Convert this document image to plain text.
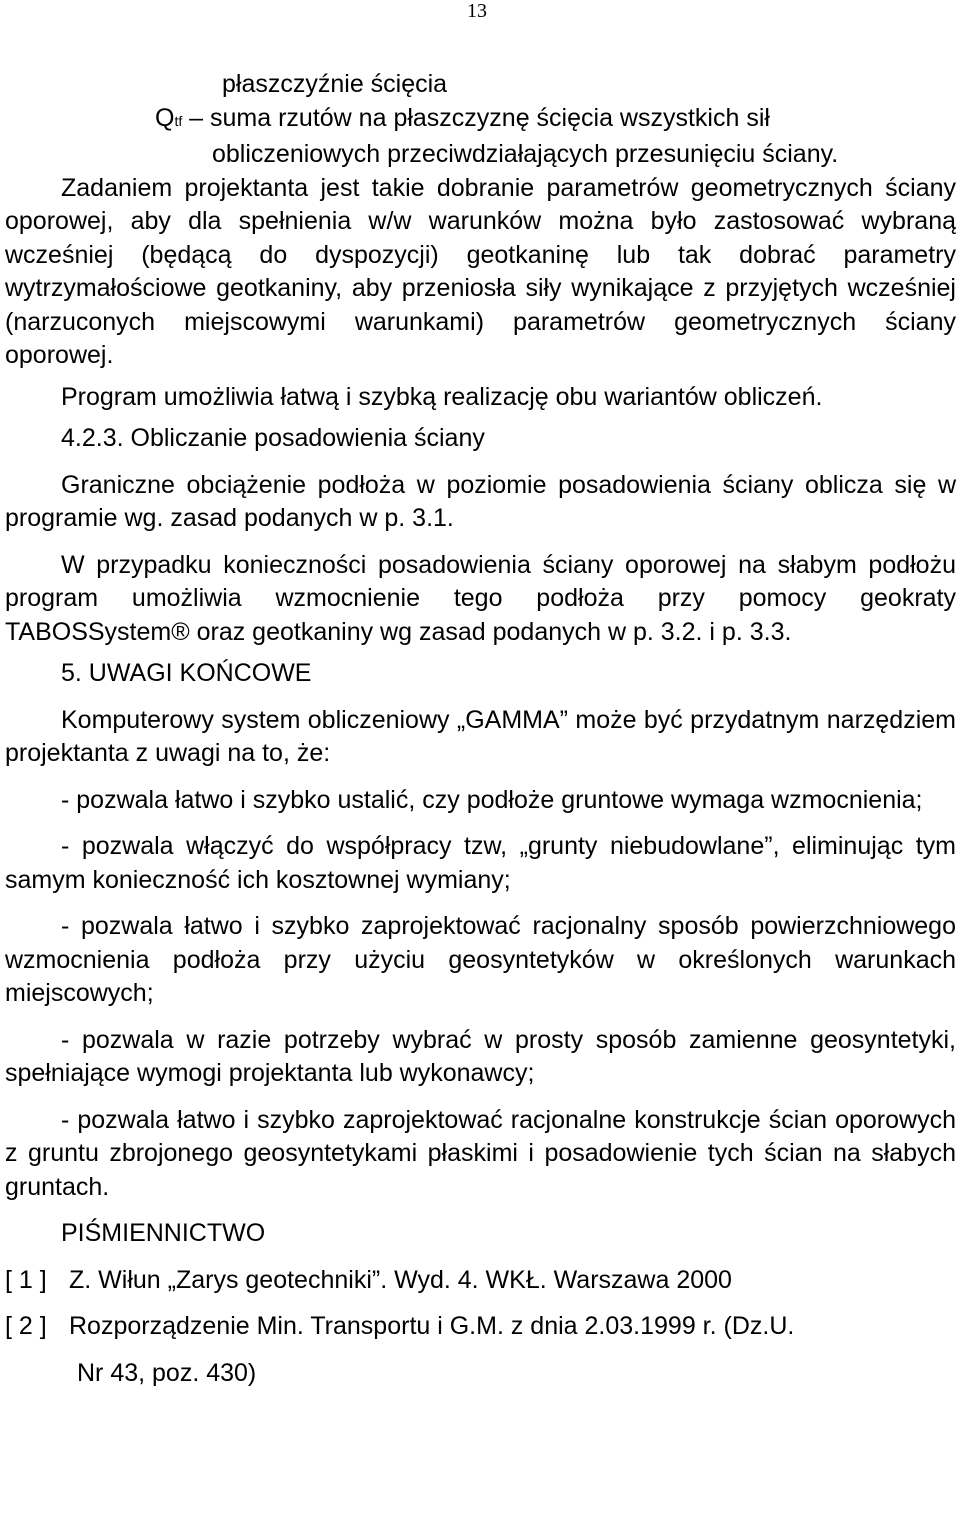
13

płaszczyźnie ścięcia

Qtf – suma rzutów na płaszczyznę ścięcia wszystkich sił

obliczeniowych przeciwdziałających przesunięciu ściany.

Zadaniem projektanta jest takie dobranie parametrów geometrycznych ściany oporowej, aby dla spełnienia w/w warunków można było zastosować wybraną wcześniej (będącą do dyspozycji) geotkaninę lub tak dobrać parametry wytrzymałościowe geotkaniny, aby przeniosła siły wynikające z przyjętych wcześniej (narzuconych miejscowymi warunkami) parametrów geometrycznych ściany oporowej.

Program umożliwia łatwą i szybką realizację obu wariantów obliczeń.

4.2.3. Obliczanie posadowienia ściany

Graniczne obciążenie podłoża w poziomie posadowienia ściany oblicza się w programie wg. zasad podanych w p. 3.1.

W przypadku konieczności posadowienia ściany oporowej na słabym podłożu program umożliwia wzmocnienie tego podłoża przy pomocy geokraty TABOSSystem® oraz geotkaniny wg zasad podanych w p. 3.2. i p. 3.3.

5. UWAGI KOŃCOWE

Komputerowy system obliczeniowy „GAMMA” może być przydatnym narzędziem projektanta z uwagi na to, że:

- pozwala łatwo i szybko ustalić, czy podłoże gruntowe wymaga wzmocnienia;

- pozwala włączyć do współpracy tzw, „grunty niebudowlane”, eliminując tym samym konieczność ich kosztownej wymiany;

- pozwala łatwo i szybko zaprojektować racjonalny sposób powierzchniowego wzmocnienia podłoża przy użyciu geosyntetyków w określonych warunkach miejscowych;

- pozwala w razie potrzeby wybrać w prosty sposób zamienne geosyntetyki, spełniające wymogi projektanta lub wykonawcy;

- pozwala łatwo i szybko zaprojektować racjonalne konstrukcje ścian oporowych z gruntu zbrojonego geosyntetykami płaskimi i posadowienie tych ścian na słabych gruntach.

PIŚMIENNICTWO

[ 1 ] Z. Wiłun „Zarys geotechniki”. Wyd. 4. WKŁ. Warszawa 2000

[ 2 ] Rozporządzenie Min. Transportu i G.M. z dnia 2.03.1999 r. (Dz.U.

Nr 43, poz. 430)
